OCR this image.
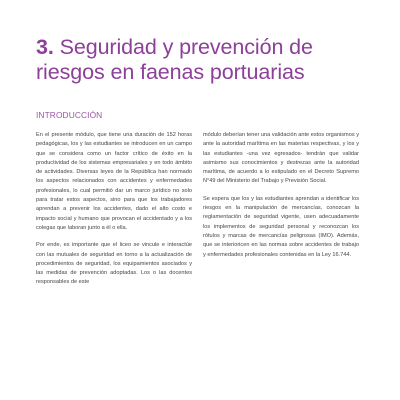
3. Seguridad y prevención de
riesgos en faenas portuarias
INTRODUCCIÓN

En el presente módulo, que tiene una duración de 152 horas pedagógicas, los y las estudiantes se introducen en un campo que se considera como un factor crítico de éxito en la productividad de los sistemas empresariales y en todo ámbito de actividades. Diversas leyes de la República han normado los aspectos relacionados con accidentes y enfermedades profesionales, lo cual permitió dar un marco jurídico no solo para tratar estos aspectos, sino para que los trabajadores aprendan a prevenir los accidentes, dado el alto costo e impacto social y humano que provocan el accidentado y a los colegas que laboran junto a él o ella.

Por ende, es importante que el liceo se vincule e interactúe con las mutuales de seguridad en torno a la actualización de procedimientos de seguridad, los equipamientos asociados y las medidas de prevención adoptadas. Los o las docentes responsables de este

módulo deberían tener una validación ante estos organismos y ante la autoridad marítima en las materias respectivas, y los y las estudiantes -una vez egresados- tendrán que validar asimismo sus conocimientos y destrezas ante la autoridad marítima, de acuerdo a lo estipulado en el Decreto Supremo N°49 del Ministerio del Trabajo y Previsión Social.

Se espera que los y las estudiantes aprendan a identificar los riesgos en la manipulación de mercancías, conozcan la reglamentación de seguridad vigente, usen adecuadamente los implementos de seguridad personal y reconozcan los rótulos y marcas de mercancías peligrosas (IMO). Además, que se interioricen en las normas sobre accidentes de trabajo y enfermedades profesionales contenidas en la Ley 16.744.
